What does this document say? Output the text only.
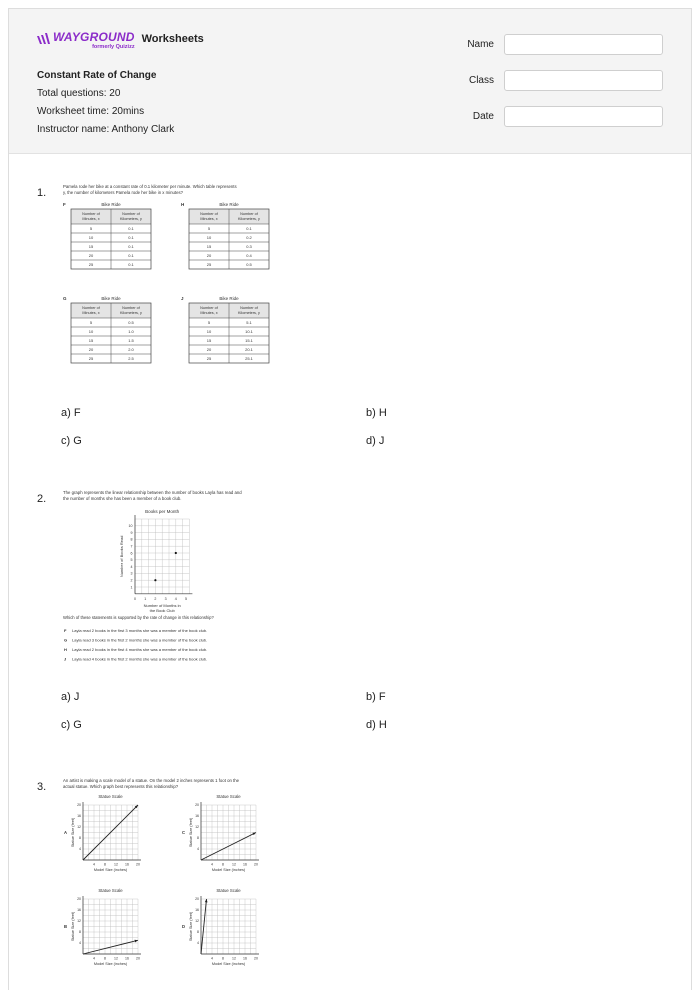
WAYGROUND
formerly Quizizz
Worksheets
Constant Rate of Change
Total questions: 20
Worksheet time: 20mins
Instructor name: Anthony Clark
Name
Class
Date
1.
Pamela rode her bike at a constant rate of 0.1 kilometer per minute. Which table represents
y, the number of kilometers Pamela rode her bike in x minutes?
F	Bike Ride
Number of
Minutes, x
Number of
Kilometers, y
5	0.1
10	0.1
15	0.1
20	0.1
25	0.1
H	Bike Ride
Number of
Minutes, x
Number of
Kilometers, y
5	0.1
10	0.2
15	0.3
20	0.4
25	0.5
G	Bike Ride
Number of
Minutes, x
Number of
Kilometers, y
5	0.5
10	1.0
15	1.5
20	2.0
25	2.5
J	Bike Ride
Number of
Minutes, x
Number of
Kilometers, y
5	5.1
10	10.1
15	15.1
20	20.1
25	25.1
a) F	b) H
c) G	d) J
2.
The graph represents the linear relationship between the number of books Layla has read and
the number of months she has been a member of a book club.
Books per Month
0 1 2 3 4 5
1
2
3
4
5
6
7
8
9
10
Number of Months in
the Book Club
Number of Books Read
Which of these statements is supported by the rate of change in this relationship?
F Layla read 2 books in the first 3 months she was a member of the book club.
G Layla read 3 books in the first 2 months she was a member of the book club.
H Layla read 2 books in the first 4 months she was a member of the book club.
J Layla read 4 books in the first 2 months she was a member of the book club.
a) J	b) F
c) G	d) H
3.
An artist is making a scale model of a statue. On the model 2 inches represents 1 foot on the
actual statue. Which graph best represents this relationship?
Statue Scale
4
4
8
8
12
12
16
16
20
20
Model Size (inches)
Statue Size (feet)
A
Statue Scale
4
4
8
8
12
12
16
16
20
20
Model Size (inches)
Statue Size (feet)
C
Statue Scale
4
4
8
8
12
12
16
16
20
20
Model Size (inches)
Statue Size (feet)
B
Statue Scale
4
4
8
8
12
12
16
16
20
20
Model Size (inches)
Statue Size (feet)
D
